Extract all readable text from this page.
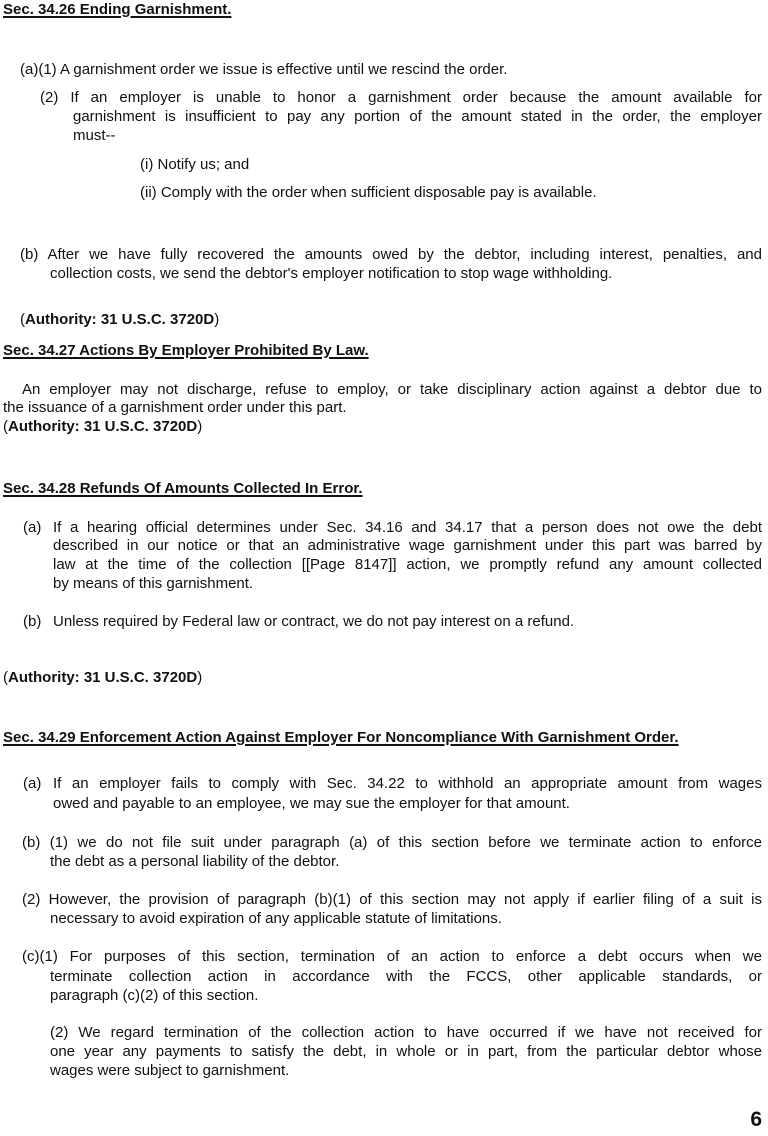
Sec. 34.26 Ending Garnishment.
(a)(1) A garnishment order we issue is effective until we rescind the order.
(2) If an employer is unable to honor a garnishment order because the amount available for
garnishment is insufficient to pay any portion of the amount stated in the order, the employer
must--
(i) Notify us; and
(ii) Comply with the order when sufficient disposable pay is available.
(b) After we have fully recovered the amounts owed by the debtor, including interest, penalties, and
collection costs, we send the debtor's employer notification to stop wage withholding.
(Authority: 31 U.S.C. 3720D)
Sec. 34.27 Actions By Employer Prohibited By Law.
An employer may not discharge, refuse to employ, or take disciplinary action against a debtor due to
the issuance of a garnishment order under this part.
(Authority: 31 U.S.C. 3720D)
Sec. 34.28 Refunds Of Amounts Collected In Error.
(a) If a hearing official determines under Sec. 34.16 and 34.17 that a person does not owe the debt
described in our notice or that an administrative wage garnishment under this part was barred by
law at the time of the collection [[Page 8147]] action, we promptly refund any amount collected
by means of this garnishment.
(b) Unless required by Federal law or contract, we do not pay interest on a refund.
(Authority: 31 U.S.C. 3720D)
Sec. 34.29 Enforcement Action Against Employer For Noncompliance With Garnishment Order.
(a) If an employer fails to comply with Sec. 34.22 to withhold an appropriate amount from wages
owed and payable to an employee, we may sue the employer for that amount.
(b) (1) we do not file suit under paragraph (a) of this section before we terminate action to enforce
the debt as a personal liability of the debtor.
(2) However, the provision of paragraph (b)(1) of this section may not apply if earlier filing of a suit is
necessary to avoid expiration of any applicable statute of limitations.
(c)(1) For purposes of this section, termination of an action to enforce a debt occurs when we
terminate collection action in accordance with the FCCS, other applicable standards, or
paragraph (c)(2) of this section.
(2) We regard termination of the collection action to have occurred if we have not received for
one year any payments to satisfy the debt, in whole or in part, from the particular debtor whose
wages were subject to garnishment.
6
